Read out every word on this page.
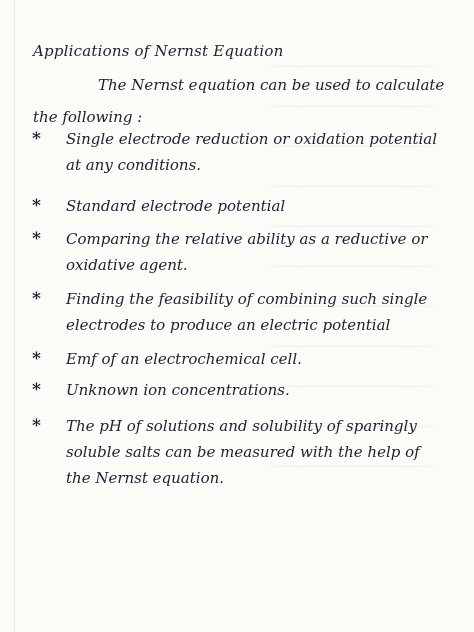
Applications of Nernst Equation
The Nernst equation can be used to calculate
the following :
*	Single electrode reduction or oxidation potential
at any conditions.
*	Standard electrode potential
*	Comparing the relative ability as a reductive or
oxidative agent.
*	Finding the feasibility of combining such single
electrodes to produce an electric potential
*	Emf of an electrochemical cell.
*	Unknown ion concentrations.
*	The pH of solutions and solubility of sparingly
soluble salts can be measured with the help of
the Nernst equation.
